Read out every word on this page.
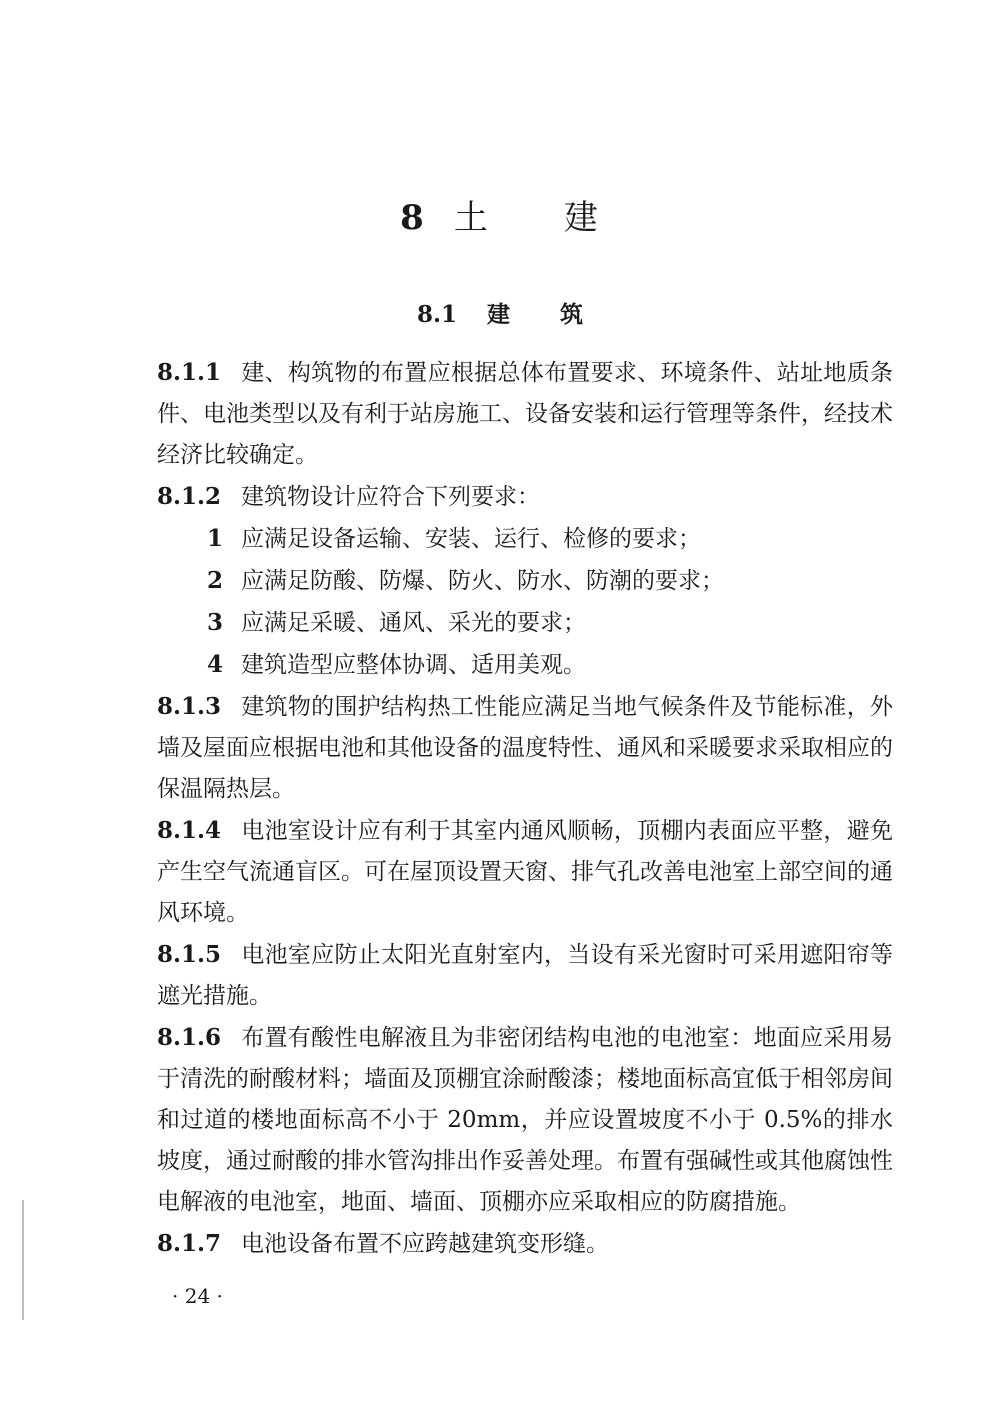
8 土 建
8.1 建 筑

8.1.1 建、构筑物的布置应根据总体布置要求、环境条件、站址地质条件、电池类型以及有利于站房施工、设备安装和运行管理等条件，经技术经济比较确定。

8.1.2 建筑物设计应符合下列要求：

1 应满足设备运输、安装、运行、检修的要求；

2 应满足防酸、防爆、防火、防水、防潮的要求；

3 应满足采暖、通风、采光的要求；

4 建筑造型应整体协调、适用美观。

8.1.3 建筑物的围护结构热工性能应满足当地气候条件及节能标准，外墙及屋面应根据电池和其他设备的温度特性、通风和采暖要求采取相应的保温隔热层。

8.1.4 电池室设计应有利于其室内通风顺畅，顶棚内表面应平整，避免产生空气流通盲区。可在屋顶设置天窗、排气孔改善电池室上部空间的通风环境。

8.1.5 电池室应防止太阳光直射室内，当设有采光窗时可采用遮阳帘等遮光措施。

8.1.6 布置有酸性电解液且为非密闭结构电池的电池室：地面应采用易于清洗的耐酸材料；墙面及顶棚宜涂耐酸漆；楼地面标高宜低于相邻房间和过道的楼地面标高不小于 20mm，并应设置坡度不小于 0.5%的排水坡度，通过耐酸的排水管沟排出作妥善处理。布置有强碱性或其他腐蚀性电解液的电池室，地面、墙面、顶棚亦应采取相应的防腐措施。

8.1.7 电池设备布置不应跨越建筑变形缝。

· 24 ·
